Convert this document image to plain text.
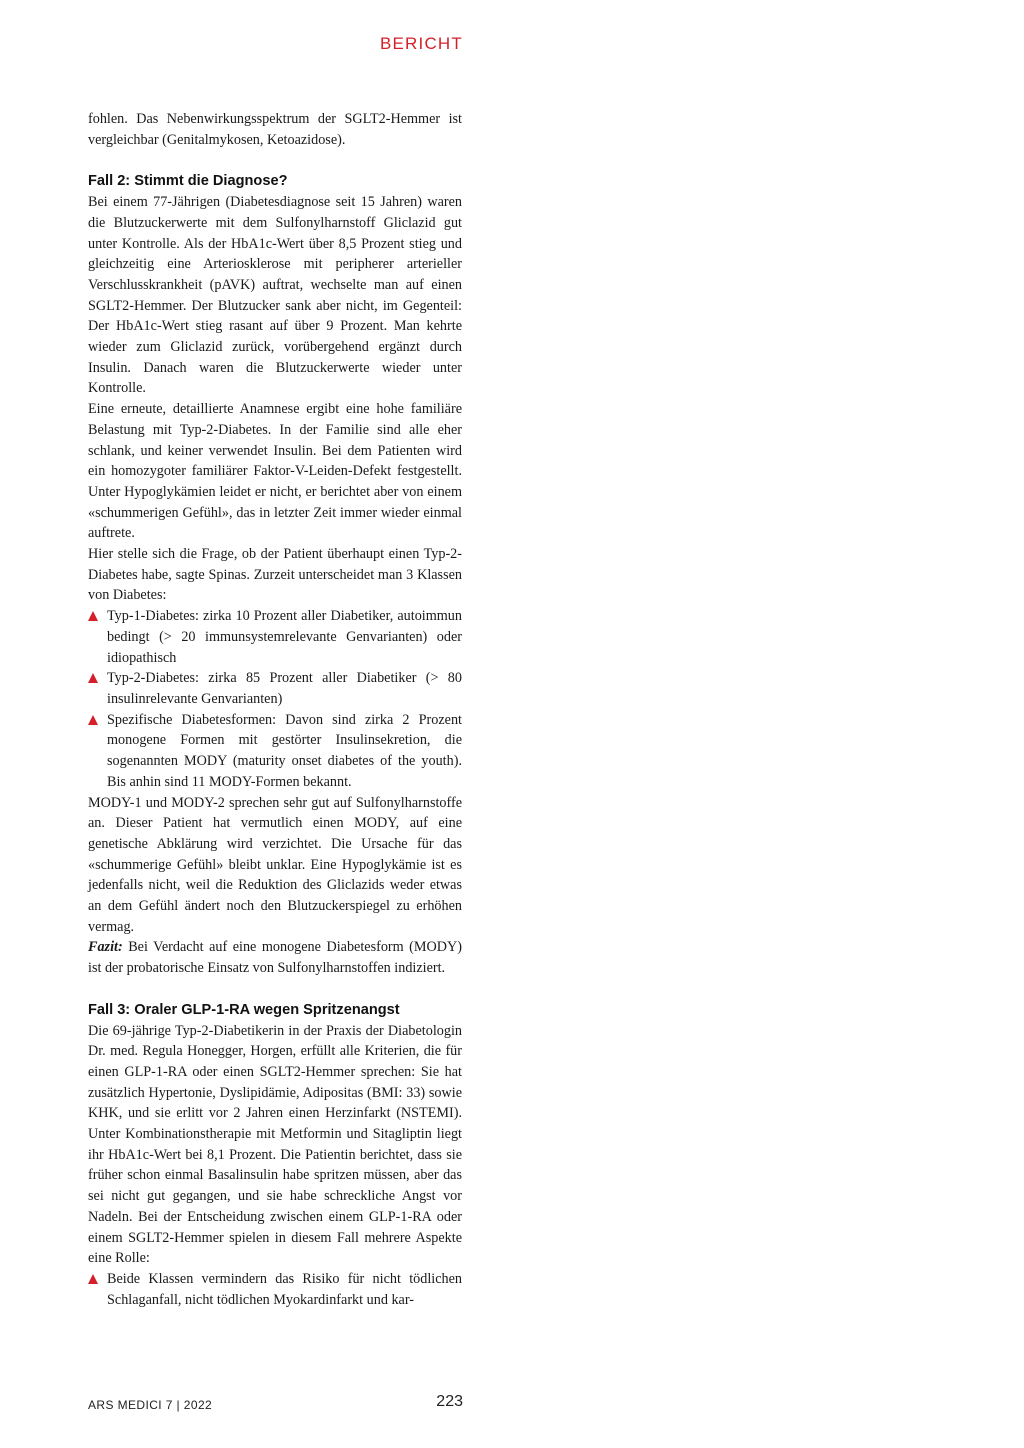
BERICHT

fohlen. Das Nebenwirkungsspektrum der SGLT2-Hemmer ist vergleichbar (Genitalmykosen, Ketoazidose).

Fall 2: Stimmt die Diagnose?

Bei einem 77-Jährigen (Diabetesdiagnose seit 15 Jahren) waren die Blutzuckerwerte mit dem Sulfonylharnstoff Gliclazid gut unter Kontrolle. Als der HbA1c-Wert über 8,5 Prozent stieg und gleichzeitig eine Arteriosklerose mit peripherer arterieller Verschlusskrankheit (pAVK) auftrat, wechselte man auf einen SGLT2-Hemmer. Der Blutzucker sank aber nicht, im Gegenteil: Der HbA1c-Wert stieg rasant auf über 9 Prozent. Man kehrte wieder zum Gliclazid zurück, vorübergehend ergänzt durch Insulin. Danach waren die Blutzuckerwerte wieder unter Kontrolle.

Eine erneute, detaillierte Anamnese ergibt eine hohe familiäre Belastung mit Typ-2-Diabetes. In der Familie sind alle eher schlank, und keiner verwendet Insulin. Bei dem Patienten wird ein homozygoter familiärer Faktor-V-Leiden-Defekt festgestellt. Unter Hypoglykämien leidet er nicht, er berichtet aber von einem «schummerigen Gefühl», das in letzter Zeit immer wieder einmal auftrete.

Hier stelle sich die Frage, ob der Patient überhaupt einen Typ-2-Diabetes habe, sagte Spinas. Zurzeit unterscheidet man 3 Klassen von Diabetes:

Typ-1-Diabetes: zirka 10 Prozent aller Diabetiker, autoimmun bedingt (> 20 immunsystemrelevante Genvarianten) oder idiopathisch
Typ-2-Diabetes: zirka 85 Prozent aller Diabetiker (> 80 insulinrelevante Genvarianten)
Spezifische Diabetesformen: Davon sind zirka 2 Prozent monogene Formen mit gestörter Insulinsekretion, die sogenannten MODY (maturity onset diabetes of the youth). Bis anhin sind 11 MODY-Formen bekannt.

MODY-1 und MODY-2 sprechen sehr gut auf Sulfonylharnstoffe an. Dieser Patient hat vermutlich einen MODY, auf eine genetische Abklärung wird verzichtet. Die Ursache für das «schummerige Gefühl» bleibt unklar. Eine Hypoglykämie ist es jedenfalls nicht, weil die Reduktion des Gliclazids weder etwas an dem Gefühl ändert noch den Blutzuckerspiegel zu erhöhen vermag.

Fazit: Bei Verdacht auf eine monogene Diabetesform (MODY) ist der probatorische Einsatz von Sulfonylharnstoffen indiziert.

Fall 3: Oraler GLP-1-RA wegen Spritzenangst

Die 69-jährige Typ-2-Diabetikerin in der Praxis der Diabetologin Dr. med. Regula Honegger, Horgen, erfüllt alle Kriterien, die für einen GLP-1-RA oder einen SGLT2-Hemmer sprechen: Sie hat zusätzlich Hypertonie, Dyslipidämie, Adipositas (BMI: 33) sowie KHK, und sie erlitt vor 2 Jahren einen Herzinfarkt (NSTEMI). Unter Kombinationstherapie mit Metformin und Sitagliptin liegt ihr HbA1c-Wert bei 8,1 Prozent. Die Patientin berichtet, dass sie früher schon einmal Basalinsulin habe spritzen müssen, aber das sei nicht gut gegangen, und sie habe schreckliche Angst vor Nadeln. Bei der Entscheidung zwischen einem GLP-1-RA oder einem SGLT2-Hemmer spielen in diesem Fall mehrere Aspekte eine Rolle:

Beide Klassen vermindern das Risiko für nicht tödlichen Schlaganfall, nicht tödlichen Myokardinfarkt und kar-
ARS MEDICI 7 | 2022	223
